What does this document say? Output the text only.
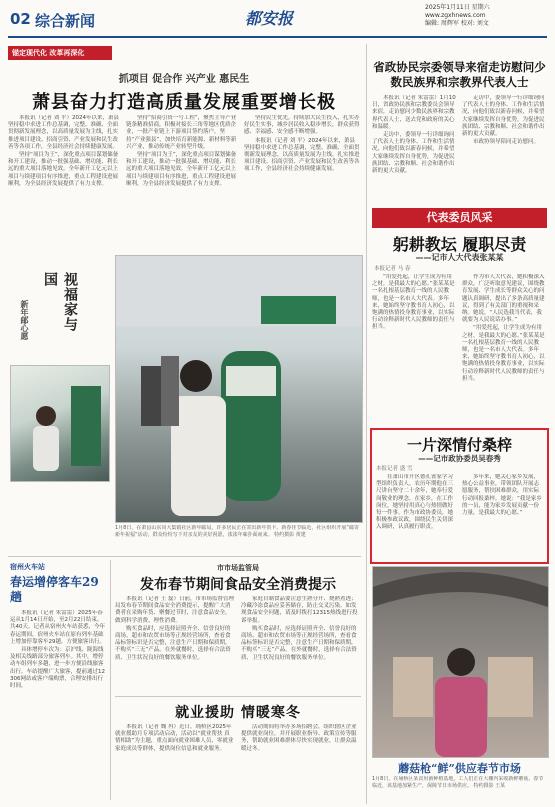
02 综合新闻	都安报
2025年1月11日 星期六
www.zgxhnews.com
编辑: 周辉军 校对: 刘文
锚定现代化 改革再深化
抓项目 促合作 兴产业 惠民生
萧县奋力打造高质量发展重要增长极

本报讯（记者 刘 平）2024年以来，萧县坚持稳中求进工作总基调，完整、准确、全面贯彻新发展理念，以高质量发展为主线，扎实推进项目建设、招商引资、产业发展和民生改善等各项工作，全县经济社会持续健康发展。

坚持“项目为王”，深化重点项目谋划储备和开工建设，推动一批强基础、增功能、利长远的重大项目落地见效。全年新开工亿元以上项目与续建项目有序推进，重点工程建设进展顺利，为全县经济发展提供了有力支撑。

坚持“招商引资一号工程”，聚焦主导产业链条精准招商，积极对接长三角等地区优质企业，一批产业链上下游项目签约落户。坚持“产业强县”，加快培育新能源、新材料等新兴产业，推动传统产业转型升级。

坚持“项目为王”，深化重点项目谋划储备和开工建设，推动一批强基础、增功能、利长远的重大项目落地见效。全年新开工亿元以上项目与续建项目有序推进，重点工程建设进展顺利，为全县经济发展提供了有力支撑。

坚持民生优先，持续加大民生投入，扎实办好民生实事，城乡居民收入稳步增长，群众获得感、幸福感、安全感不断增强。

本报讯（记者 刘 平）2024年以来，萧县坚持稳中求进工作总基调，完整、准确、全面贯彻新发展理念，以高质量发展为主线，扎实推进项目建设、招商引资、产业发展和民生改善等各项工作，全县经济社会持续健康发展。

视福家与国
新年邮心愿
1月8日，在萧县山东岗大集镇社区新年邮局，许多居民正在寄出新年贺卡。新春佳节临近，社区组织开展“邮寄新年祝福”活动，群众纷纷写下对亲友的美好祝愿，浓浓年味扑面而来。 特约摄影 黄建
宿州火车站
春运增停客车29趟

本报讯（记者 朱雷雷）2025年春运从1月14日开始，至2月22日结束，共40天。记者从宿州火车站获悉，今年春运期间，宿州火车站在原有列车基础上增加停靠客车29趟，方便旅客出行。

具体增停车次为：京沪线、陇海线及相关线路部分旅客列车。其中，增停动车组列车多趟，进一步方便沿线旅客出行。车站提醒广大旅客，提前通过12306网站或客户端购票，合理安排出行时间。

市市场监管局
发布春节期间食品安全消费提示

本报讯（记者 王 磊）日前，市市场监督管理局发布春节期间食品安全消费提示，提醒广大消费者在采购年货、聚餐过节时，注意食品安全，做到科学消费、理性消费。

购买食品时，应选择证照齐全、信誉良好的商场、超市和农贸市场等正规经营场所，查看食品标签标识是否完整，注意生产日期和保质期，不购买“三无”产品。在外就餐时，选择有合法资质、卫生状况良好的餐饮服务单位。

家庭自制食品要注意生熟分开、烧熟煮透；冷藏冷冻食品应妥善储存，防止交叉污染。如发现食品安全问题，请及时拨打12315热线进行投诉举报。

购买食品时，应选择证照齐全、信誉良好的商场、超市和农贸市场等正规经营场所，查看食品标签标识是否完整，注意生产日期和保质期，不购买“三无”产品。在外就餐时，选择有合法资质、卫生状况良好的餐饮服务单位。

就业援助 情暖寒冬

本报讯（记者 魏 冉）近日，埇桥区2025年就业援助月专项活动启动，活动以“就业帮扶 真情相助”为主题，重点面向就业困难人员、零就业家庭成员等群体，提供岗位信息和就业服务。

活动期间将举办多场招聘会，组织辖区企业提供就业岗位，并开展职业指导、政策宣传等服务，帮助就业困难群体尽快实现就业，让群众温暖过冬。

省政协民宗委领导来宿走访慰问少数民族界和宗教界代表人士

本报讯（记者 朱雷雷）1月10日，省政协民族和宗教委员会领导来宿，走访慰问少数民族界和宗教界代表人士，送去党和政府的关心和温暖。

走访中，委领导一行详细询问了代表人士的身体、工作和生活情况，向他们致以新春问候，并希望大家继续发挥自身优势，为促进民族团结、宗教和顺、社会和谐作出新的更大贡献。

走访中，委领导一行详细询问了代表人士的身体、工作和生活情况，向他们致以新春问候，并希望大家继续发挥自身优势，为促进民族团结、宗教和顺、社会和谐作出新的更大贡献。

市政协领导陪同走访慰问。

代表委员风采
躬耕教坛 履职尽责
——记市人大代表张某某
本报记者 马 春

“用爱托起，让学生成为有用之材，是我最大的心愿。”张某某是一名扎根基层教育一线的人民教师，也是一名市人大代表。多年来，她始终坚守教书育人初心，以饱满的热情投身教育事业，以实际行动诠释新时代人民教师的责任与担当。

作为市人大代表，她积极深入群众，广泛听取意见建议，围绕教育发展、学生成长等群众关心的问题认真调研，提出了多条高质量建议，得到了有关部门的重视和采纳。她说，“人民选我当代表，我就要为人民说话办事。”

“用爱托起，让学生成为有用之材，是我最大的心愿。”张某某是一名扎根基层教育一线的人民教师，也是一名市人大代表。多年来，她始终坚守教书育人初心，以饱满的热情投身教育事业，以实际行动诠释新时代人民教师的责任与担当。

一片深情付桑梓
——记市政协委员吴春秀
本报记者 盛 雪

在萧山市开区德孔雀家学习型组织负责人，农历年期他在三尺讲台坚守二十余年，她奉行爱岗敬业的理念。在家乡，在工作岗位，她坚持用真心与热情做好每一件事。作为市政协委员，她积极参政议政，围绕民生关切深入调研，认真履行职责。

多年来，她关心家乡发展，热心公益事业，带领团队开展志愿服务，帮扶困难群众，用实际行动回报桑梓。她说：“我是家乡的一员，能为家乡发展贡献一份力量，是我最大的心愿。”

蘑菇枪“鲜”供应春节市场
1月8日，在埇桥区某食用菌种植基地，工人们正在大棚内采收新鲜蘑菇。春节临近，该基地加紧生产，保障节日市场供应。 特约摄影 王某
